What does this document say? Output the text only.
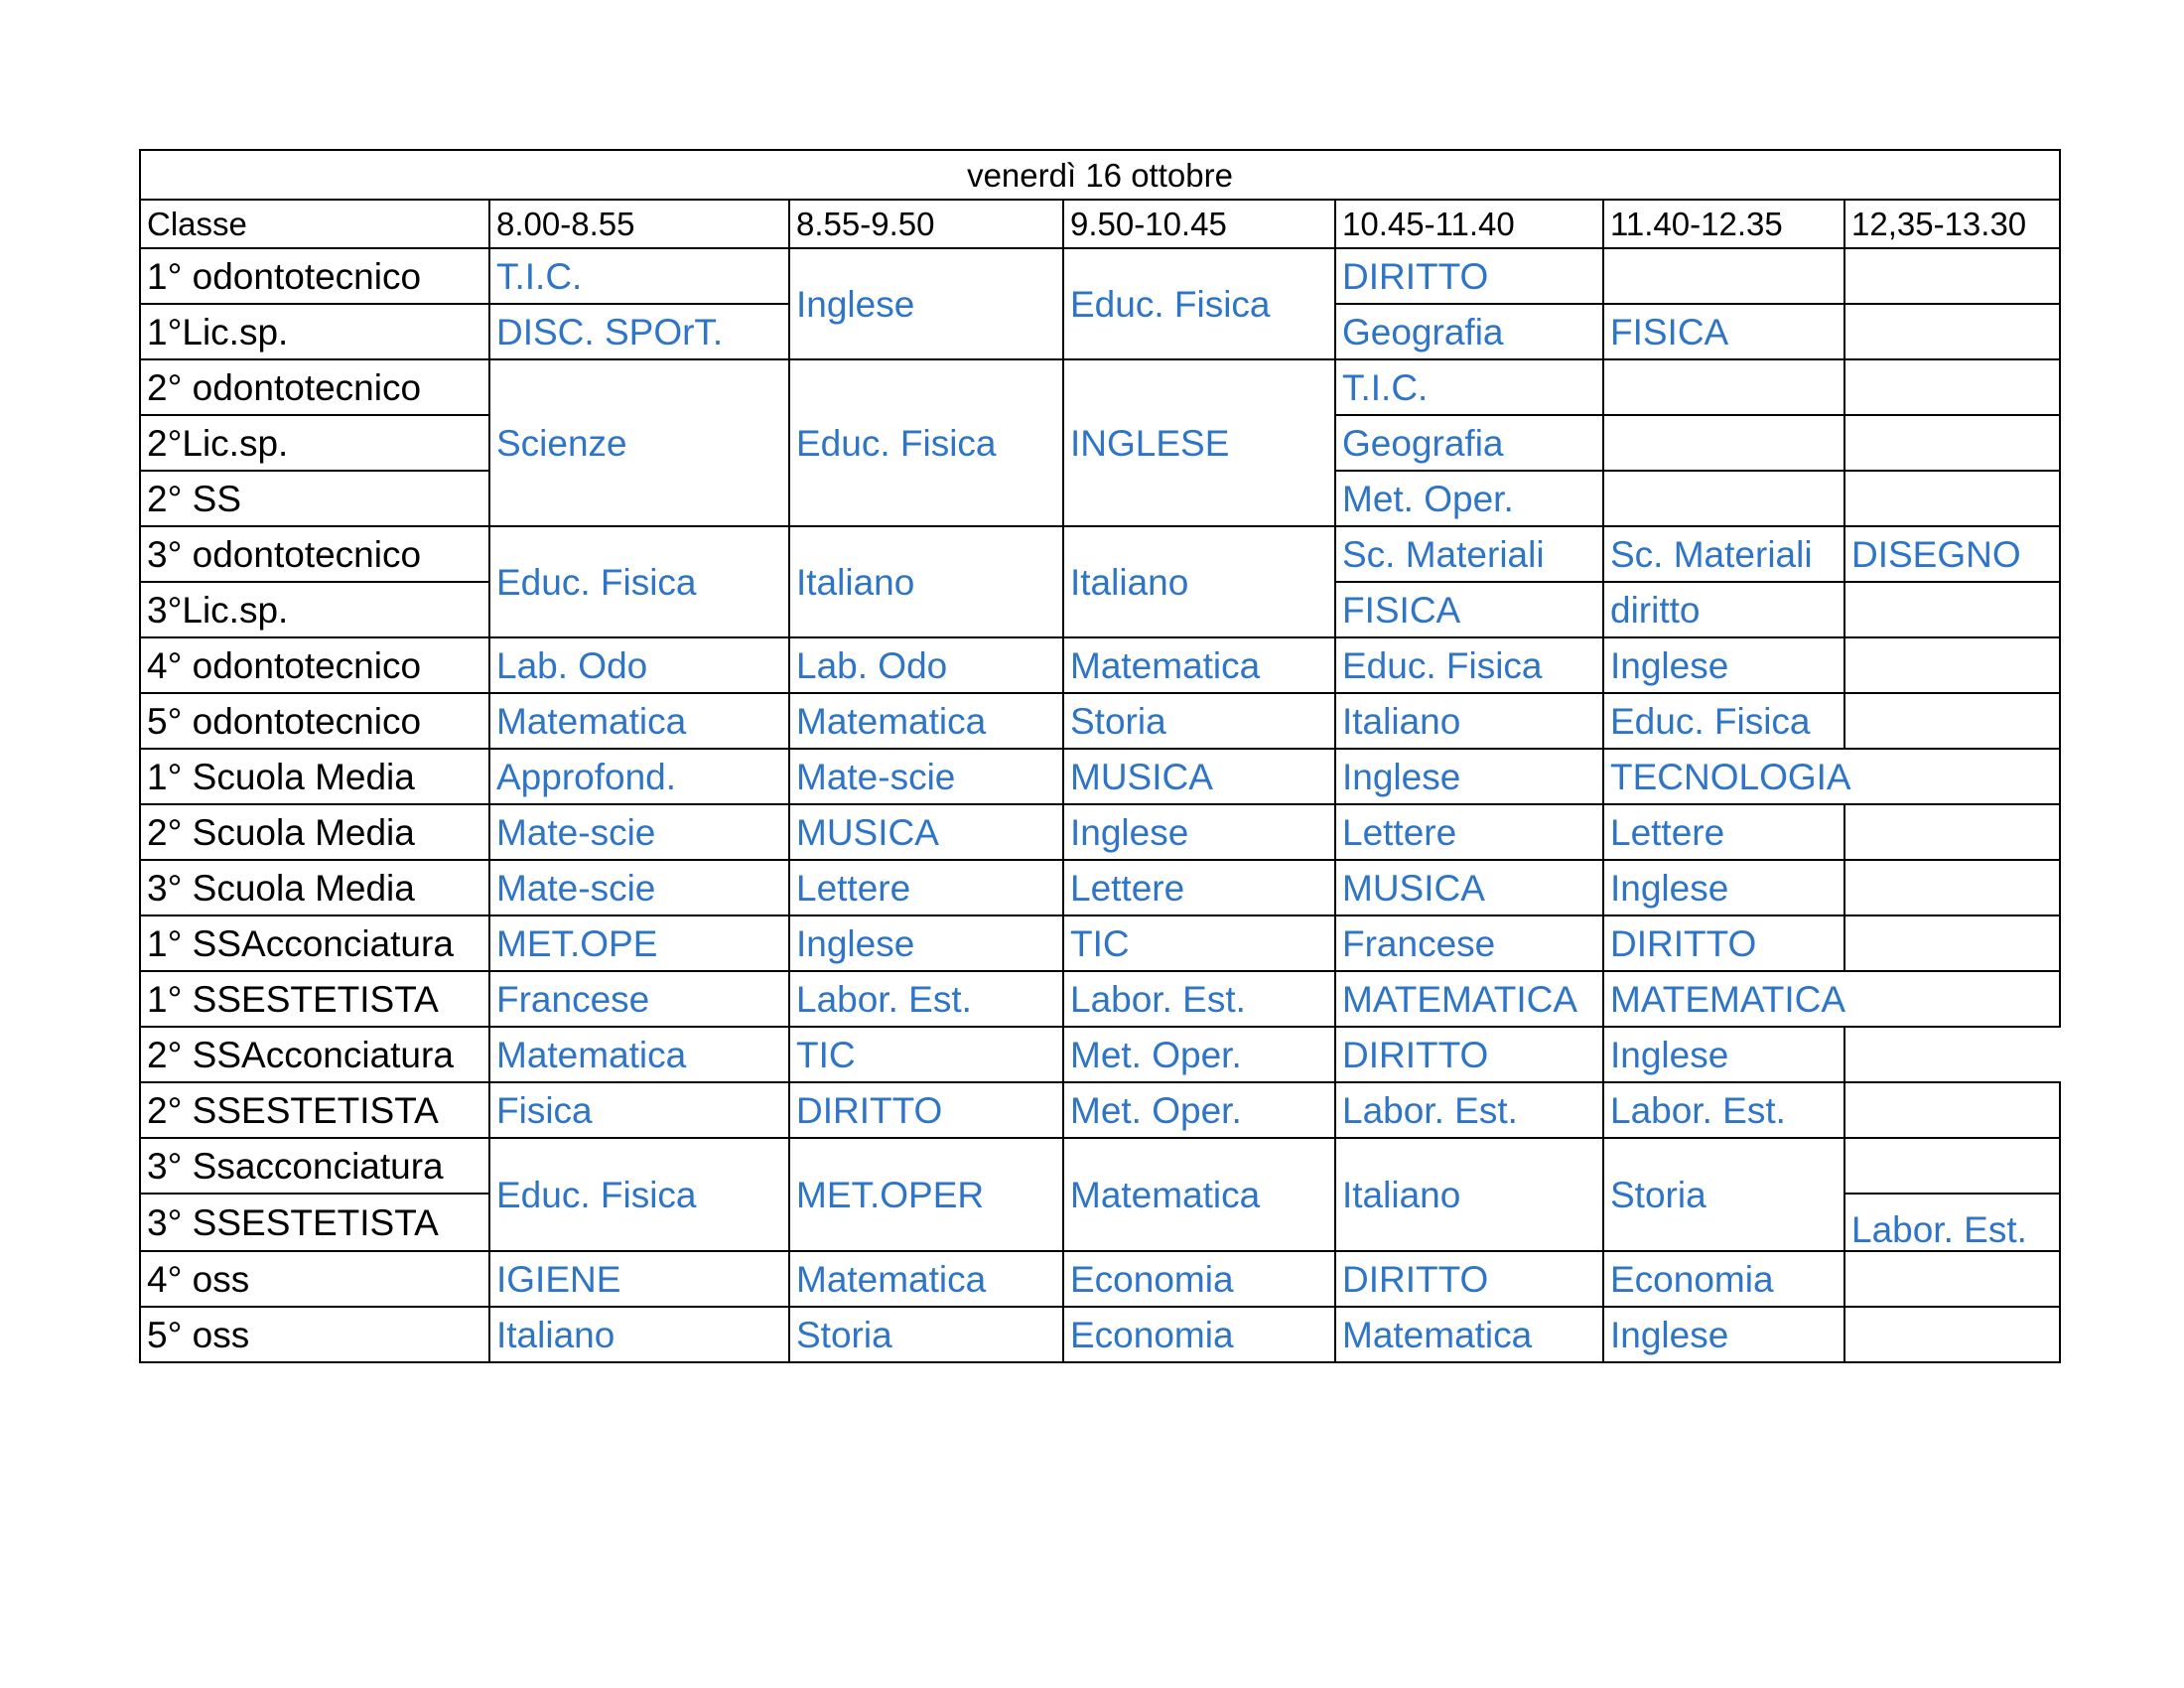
venerdì 16 ottobre						
Classe	8.00-8.55	8.55-9.50	9.50-10.45	10.45-11.40	11.40-12.35	12,35-13.30
1° odontotecnico	T.I.C.	Inglese	Educ. Fisica	DIRITTO		
1°Lic.sp.	DISC. SPOrT.			Geografia	FISICA	
2° odontotecnico	Scienze	Educ. Fisica	INGLESE	T.I.C.		
2°Lic.sp.				Geografia		
2° SS				Met. Oper.		
3° odontotecnico	Educ. Fisica	Italiano	Italiano	Sc. Materiali	Sc. Materiali	DISEGNO
3°Lic.sp.				FISICA	diritto	
4° odontotecnico	Lab. Odo	Lab. Odo	Matematica	Educ. Fisica	Inglese	
5° odontotecnico	Matematica	Matematica	Storia	Italiano	Educ. Fisica	
1° Scuola Media	Approfond.	Mate-scie	MUSICA	Inglese	TECNOLOGIA	
2° Scuola Media	Mate-scie	MUSICA	Inglese	Lettere	Lettere	
3° Scuola Media	Mate-scie	Lettere	Lettere	MUSICA	Inglese	
1° SSAcconciatura	MET.OPE	Inglese	TIC	Francese	DIRITTO	
1° SSESTETISTA	Francese	Labor. Est.	Labor. Est.	MATEMATICA	MATEMATICA	
2° SSAcconciatura	Matematica	TIC	Met. Oper.	DIRITTO	Inglese	
2° SSESTETISTA	Fisica	DIRITTO	Met. Oper.	Labor. Est.	Labor. Est.	
3° Ssacconciatura	Educ. Fisica	MET.OPER	Matematica	Italiano	Storia	
3° SSESTETISTA						Labor. Est.
4° oss	IGIENE	Matematica	Economia	DIRITTO	Economia	
5° oss	Italiano	Storia	Economia	Matematica	Inglese	
